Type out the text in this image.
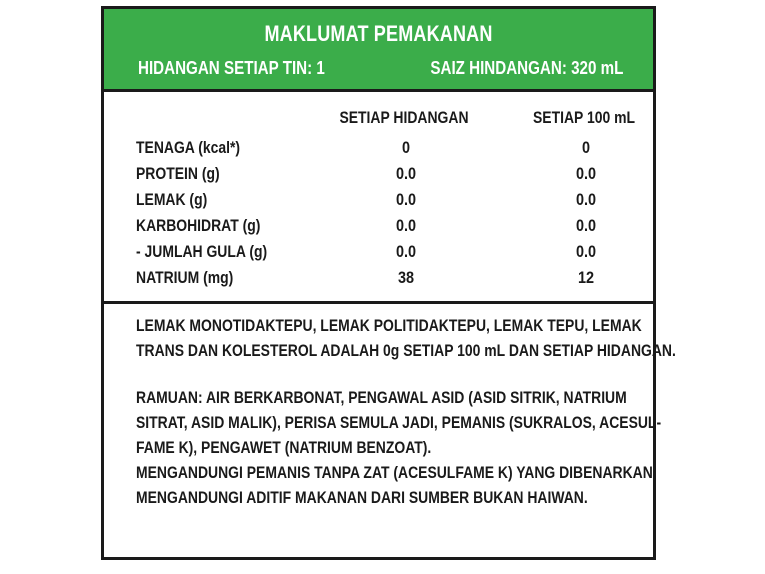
MAKLUMAT PEMAKANAN
HIDANGAN SETIAP TIN: 1	SAIZ HINDANGAN: 320 mL
SETIAP HIDANGAN	SETIAP 100 mL
TENAGA (kcal*)	0	0
PROTEIN (g)	0.0	0.0
LEMAK (g)	0.0	0.0
KARBOHIDRAT (g)	0.0	0.0
- JUMLAH GULA (g)	0.0	0.0
NATRIUM (mg)	38	12

LEMAK MONOTIDAKTEPU, LEMAK POLITIDAKTEPU, LEMAK TEPU, LEMAK

TRANS DAN KOLESTEROL ADALAH 0g SETIAP 100 mL DAN SETIAP HIDANGAN.

RAMUAN: AIR BERKARBONAT, PENGAWAL ASID (ASID SITRIK, NATRIUM

SITRAT, ASID MALIK), PERISA SEMULA JADI, PEMANIS (SUKRALOS, ACESUL-

FAME K), PENGAWET (NATRIUM BENZOAT).

MENGANDUNGI PEMANIS TANPA ZAT (ACESULFAME K) YANG DIBENARKAN.

MENGANDUNGI ADITIF MAKANAN DARI SUMBER BUKAN HAIWAN.
